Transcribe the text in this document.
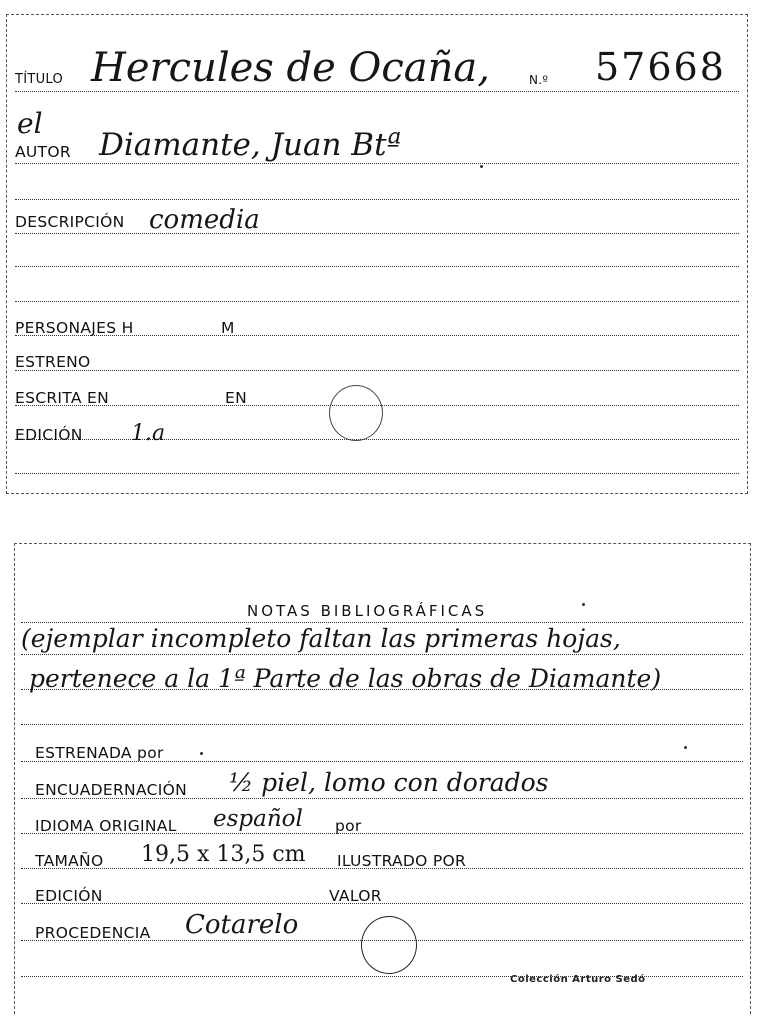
TÍTULO Hercules de Ocaña,	N.º 57668
el
AUTOR Diamante, Juan Btª
DESCRIPCIÓN comedia
PERSONAJES H	M
ESTRENO
ESCRITA EN	EN
EDICIÓN 1.a
NOTAS BIBLIOGRÁFICAS
(ejemplar incompleto faltan las primeras hojas,
pertenece a la 1ª Parte de las obras de Diamante)
ESTRENADA por
ENCUADERNACIÓN ½ piel, lomo con dorados
IDIOMA ORIGINAL español por
TAMAÑO 19,5 x 13,5 cm ILUSTRADO POR
EDICIÓN	VALOR
PROCEDENCIA Cotarelo
Colección Arturo Sedó
